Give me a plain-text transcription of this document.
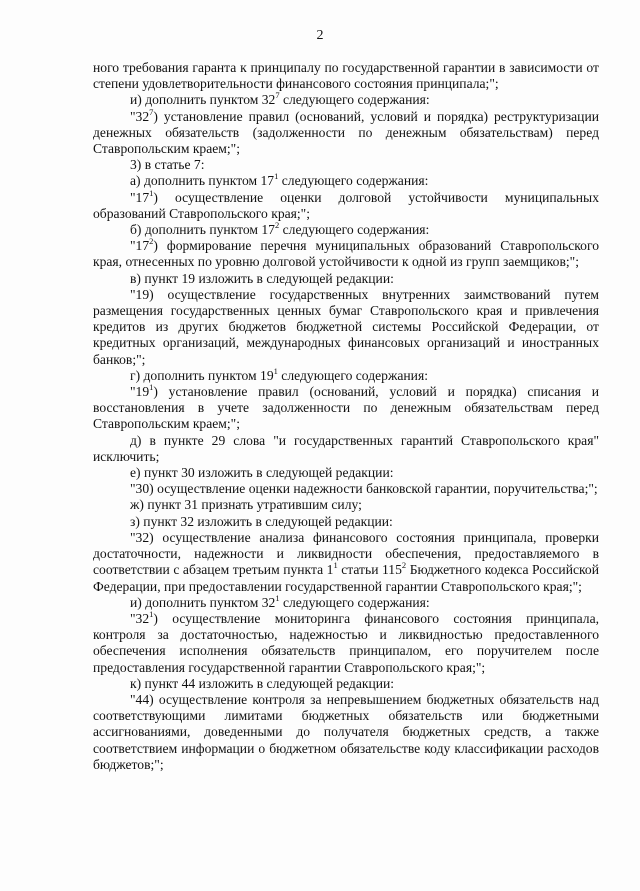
2

ного требования гаранта к принципалу по государственной гарантии в зависимости от степени удовлетворительности финансового состояния принципала;";

и) дополнить пунктом $32^7$ следующего содержания:

"$32^7$) установление правил (оснований, условий и порядка) реструктуризации денежных обязательств (задолженности по денежным обязательствам) перед Ставропольским краем;";

3) в статье 7:

а) дополнить пунктом $17^1$ следующего содержания:

"$17^1$) осуществление оценки долговой устойчивости муниципальных образований Ставропольского края;";

б) дополнить пунктом $17^2$ следующего содержания:

"$17^2$) формирование перечня муниципальных образований Ставропольского края, отнесенных по уровню долговой устойчивости к одной из групп заемщиков;";

в) пункт 19 изложить в следующей редакции:

"19) осуществление государственных внутренних заимствований путем размещения государственных ценных бумаг Ставропольского края и привлечения кредитов из других бюджетов бюджетной системы Российской Федерации, от кредитных организаций, международных финансовых организаций и иностранных банков;";

г) дополнить пунктом $19^1$ следующего содержания:

"$19^1$) установление правил (оснований, условий и порядка) списания и восстановления в учете задолженности по денежным обязательствам перед Ставропольским краем;";

д) в пункте 29 слова "и государственных гарантий Ставропольского края" исключить;

е) пункт 30 изложить в следующей редакции:

"30) осуществление оценки надежности банковской гарантии, поручительства;";

ж) пункт 31 признать утратившим силу;

з) пункт 32 изложить в следующей редакции:

"32) осуществление анализа финансового состояния принципала, проверки достаточности, надежности и ликвидности обеспечения, предоставляемого в соответствии с абзацем третьим пункта $1^1$ статьи $115^2$ Бюджетного кодекса Российской Федерации, при предоставлении государственной гарантии Ставропольского края;";

и) дополнить пунктом $32^1$ следующего содержания:

"$32^1$) осуществление мониторинга финансового состояния принципала, контроля за достаточностью, надежностью и ликвидностью предоставленного обеспечения исполнения обязательств принципалом, его поручителем после предоставления государственной гарантии Ставропольского края;";

к) пункт 44 изложить в следующей редакции:

"44) осуществление контроля за непревышением бюджетных обязательств над соответствующими лимитами бюджетных обязательств или бюджетными ассигнованиями, доведенными до получателя бюджетных средств, а также соответствием информации о бюджетном обязательстве коду классификации расходов бюджетов;";
